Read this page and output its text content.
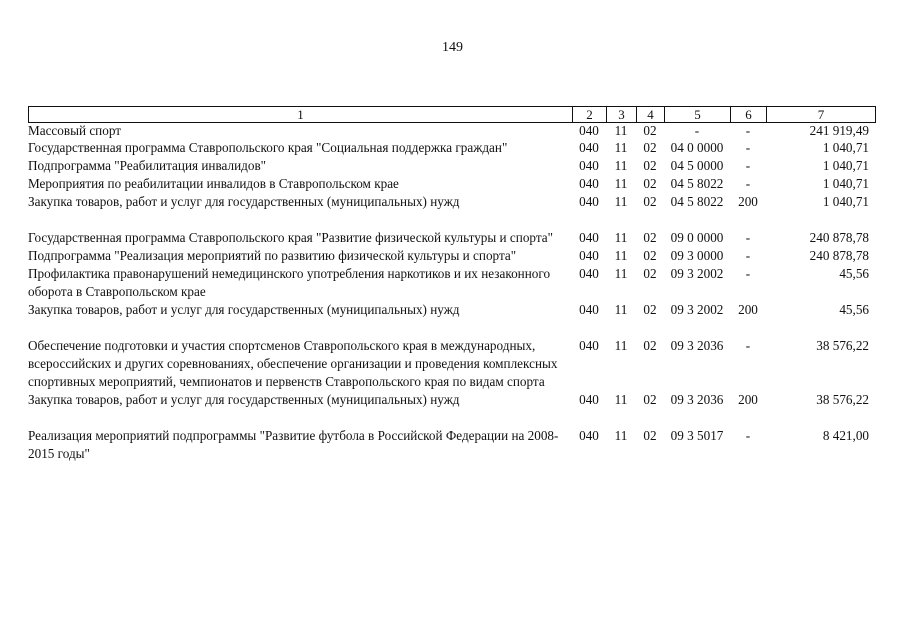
149
1	2	3	4	5	6	7
Массовый спорт	040	11	02	-	-	241 919,49
Государственная программа Ставропольского края "Социальная поддержка граждан"	040	11	02	04 0 0000	-	1 040,71
Подпрограмма "Реабилитация инвалидов"	040	11	02	04 5 0000	-	1 040,71
Мероприятия по реабилитации инвалидов в Ставропольском крае	040	11	02	04 5 8022	-	1 040,71
Закупка товаров, работ и услуг для государственных (муниципальных) нужд	040	11	02	04 5 8022	200	1 040,71

Государственная программа Ставропольского края "Развитие физической культуры и спорта"	040	11	02	09 0 0000	-	240 878,78
Подпрограмма "Реализация мероприятий по развитию физической культуры и спорта"	040	11	02	09 3 0000	-	240 878,78
Профилактика правонарушений немедицинского употребления наркотиков и их незаконного оборота в Ставропольском крае	040	11	02	09 3 2002	-	45,56
Закупка товаров, работ и услуг для государственных (муниципальных) нужд	040	11	02	09 3 2002	200	45,56

Обеспечение подготовки и участия спортсменов Ставропольского края в международных, всероссийских и других соревнованиях, обеспечение организации и проведения комплексных спортивных мероприятий, чемпионатов и первенств Ставропольского края по видам спорта	040	11	02	09 3 2036	-	38 576,22
Закупка товаров, работ и услуг для государственных (муниципальных) нужд	040	11	02	09 3 2036	200	38 576,22

Реализация мероприятий подпрограммы "Развитие футбола в Российской Федерации на 2008-2015 годы"	040	11	02	09 3 5017	-	8 421,00
